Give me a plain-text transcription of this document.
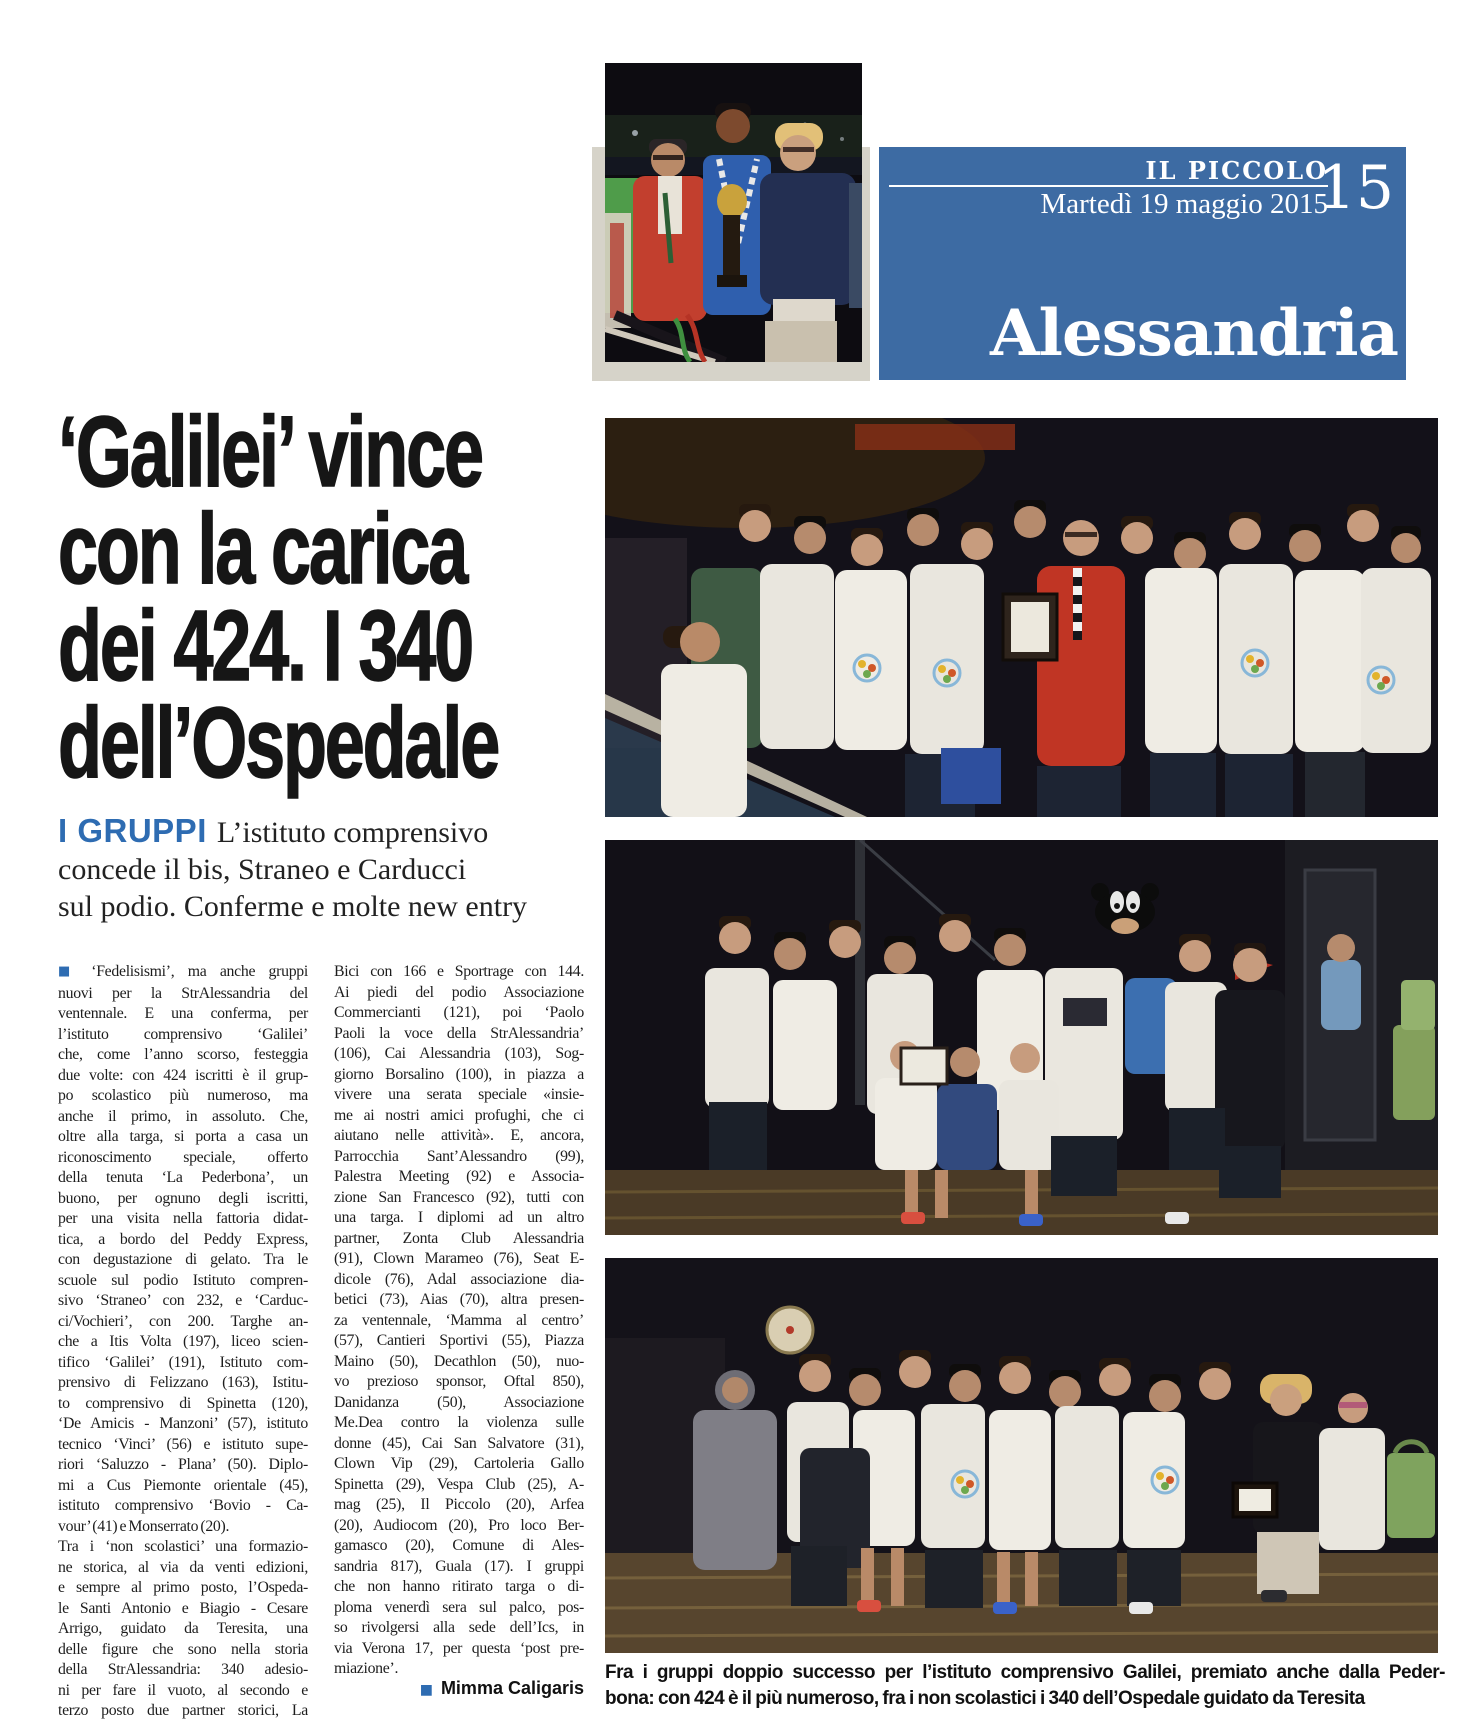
IL PICCOLO
Martedì 19 maggio 2015
15
Alessandria
‘Galilei’ vince
con la carica
dei 424. I 340
dell’Ospedale
I GRUPPI L’istituto comprensivo
concede il bis, Straneo e Carducci
sul podio. Conferme e molte new entry
■ ‘Fedelisismi’, ma anche gruppi
nuovi per la StrAlessandria del
ventennale. E una conferma, per
l’istituto comprensivo ‘Galilei’
che, come l’anno scorso, festeggia
due volte: con 424 iscritti è il grup-
po scolastico più numeroso, ma
anche il primo, in assoluto. Che,
oltre alla targa, si porta a casa un
riconoscimento speciale, offerto
della tenuta ‘La Pederbona’, un
buono, per ognuno degli iscritti,
per una visita nella fattoria didat-
tica, a bordo del Peddy Express,
con degustazione di gelato. Tra le
scuole sul podio Istituto compren-
sivo ‘Straneo’ con 232, e ‘Carduc-
ci/Vochieri’, con 200. Targhe an-
che a Itis Volta (197), liceo scien-
tifico ‘Galilei’ (191), Istituto com-
prensivo di Felizzano (163), Istitu-
to comprensivo di Spinetta (120),
‘De Amicis - Manzoni’ (57), istituto
tecnico ‘Vinci’ (56) e istituto supe-
riori ‘Saluzzo - Plana’ (50). Diplo-
mi a Cus Piemonte orientale (45),
istituto comprensivo ‘Bovio - Ca-
vour’ (41) e Monserrato (20).
Tra i ‘non scolastici’ una formazio-
ne storica, al via da venti edizioni,
e sempre al primo posto, l’Ospeda-
le Santi Antonio e Biagio - Cesare
Arrigo, guidato da Teresita, una
delle figure che sono nella storia
della StrAlessandria: 340 adesio-
ni per fare il vuoto, al secondo e
terzo posto due partner storici, La
Bici con 166 e Sportrage con 144.
Ai piedi del podio Associazione
Commercianti (121), poi ‘Paolo
Paoli la voce della StrAlessandria’
(106), Cai Alessandria (103), Sog-
giorno Borsalino (100), in piazza a
vivere una serata speciale «insie-
me ai nostri amici profughi, che ci
aiutano nelle attività». E, ancora,
Parrocchia Sant’Alessandro (99),
Palestra Meeting (92) e Associa-
zione San Francesco (92), tutti con
una targa. I diplomi ad un altro
partner, Zonta Club Alessandria
(91), Clown Marameo (76), Seat E-
dicole (76), Adal associazione dia-
betici (73), Aias (70), altra presen-
za ventennale, ‘Mamma al centro’
(57), Cantieri Sportivi (55), Piazza
Maino (50), Decathlon (50), nuo-
vo prezioso sponsor, Oftal 850),
Danidanza (50), Associazione
Me.Dea contro la violenza sulle
donne (45), Cai San Salvatore (31),
Clown Vip (29), Cartoleria Gallo
Spinetta (29), Vespa Club (25), A-
mag (25), Il Piccolo (20), Arfea
(20), Audiocom (20), Pro loco Ber-
gamasco (20), Comune di Ales-
sandria 817), Guala (17). I gruppi
che non hanno ritirato targa o di-
ploma venerdì sera sul palco, pos-
so rivolgersi alla sede dell’Ics, in
via Verona 17, per questa ‘post pre-
miazione’.
■ Mimma Caligaris
Fra i gruppi doppio successo per l’istituto comprensivo Galilei, premiato anche dalla Peder-
bona: con 424 è il più numeroso, fra i non scolastici i 340 dell’Ospedale guidato da Teresita
